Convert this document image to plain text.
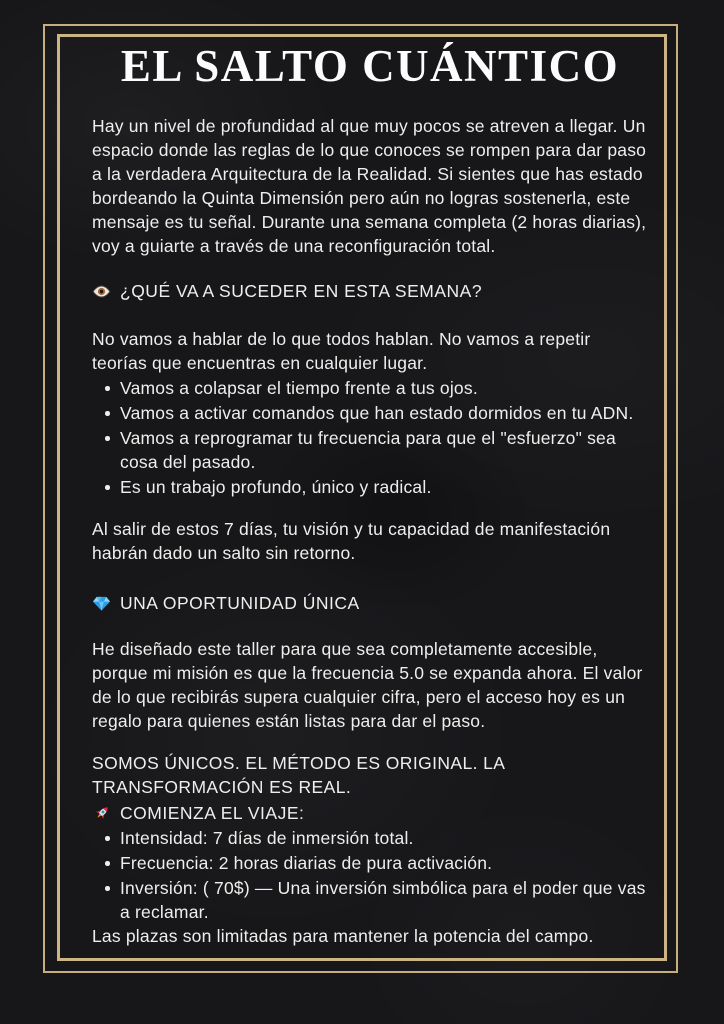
EL SALTO CUÁNTICO

Hay un nivel de profundidad al que muy pocos se atreven a llegar. Un espacio donde las reglas de lo que conoces se rompen para dar paso a la verdadera Arquitectura de la Realidad. Si sientes que has estado bordeando la Quinta Dimensión pero aún no logras sostenerla, este mensaje es tu señal. Durante una semana completa (2 horas diarias), voy a guiarte a través de una reconfiguración total.

¿QUÉ VA A SUCEDER EN ESTA SEMANA?

No vamos a hablar de lo que todos hablan. No vamos a repetir teorías que encuentras en cualquier lugar.

Vamos a colapsar el tiempo frente a tus ojos.
Vamos a activar comandos que han estado dormidos en tu ADN.
Vamos a reprogramar tu frecuencia para que el "esfuerzo" sea cosa del pasado.
Es un trabajo profundo, único y radical.

Al salir de estos 7 días, tu visión y tu capacidad de manifestación habrán dado un salto sin retorno.

UNA OPORTUNIDAD ÚNICA

He diseñado este taller para que sea completamente accesible, porque mi misión es que la frecuencia 5.0 se expanda ahora. El valor de lo que recibirás supera cualquier cifra, pero el acceso hoy es un regalo para quienes están listas para dar el paso.

SOMOS ÚNICOS. EL MÉTODO ES ORIGINAL. LA TRANSFORMACIÓN ES REAL.

COMIENZA EL VIAJE:
Intensidad: 7 días de inmersión total.
Frecuencia: 2 horas diarias de pura activación.
Inversión: ( 70$) — Una inversión simbólica para el poder que vas a reclamar.

Las plazas son limitadas para mantener la potencia del campo.
